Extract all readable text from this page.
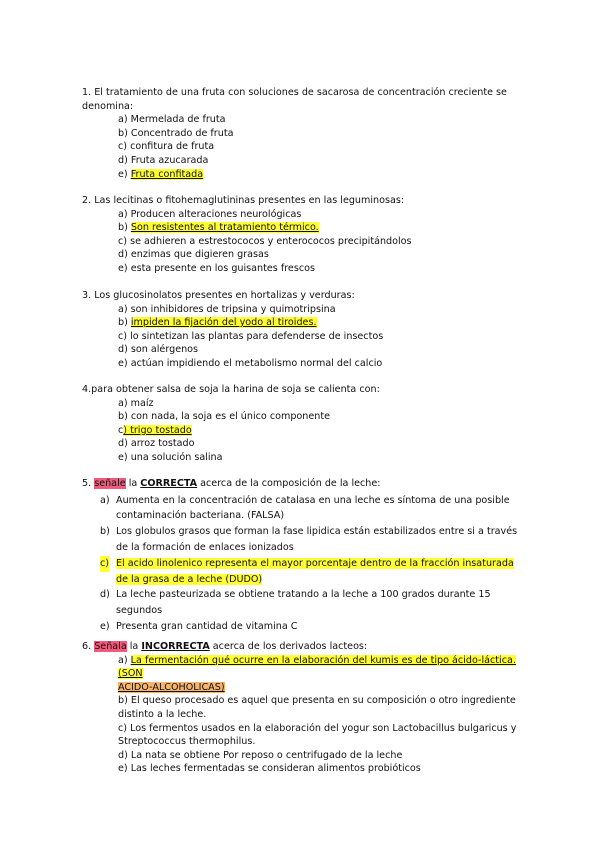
1. El tratamiento de una fruta con soluciones de sacarosa de concentración creciente se denomina:

a) Mermelada de fruta
b) Concentrado de fruta
c) confitura de fruta
d) Fruta azucarada
e) Fruta confitada

2. Las lecitinas o fitohemaglutininas presentes en las leguminosas:

a) Producen alteraciones neurológicas
b) Son resistentes al tratamiento térmico.
c) se adhieren a estrestococos y enterococos precipitándolos
d) enzimas que digieren grasas
e) esta presente en los guisantes frescos

3. Los glucosinolatos presentes en hortalizas y verduras:

a) son inhibidores de tripsina y quimotripsina
b) impiden la fijación del yodo al tiroides.
c) lo sintetizan las plantas para defenderse de insectos
d) son alérgenos
e) actúan impidiendo el metabolismo normal del calcio

4.para obtener salsa de soja la harina de soja se calienta con:

a) maíz
b) con nada, la soja es el único componente
c) trigo tostado
d) arroz tostado
e) una solución salina

5. señale la CORRECTA acerca de la composición de la leche:

a) Aumenta en la concentración de catalasa en una leche es síntoma de una posible contaminación bacteriana. (FALSA)
b) Los globulos grasos que forman la fase lipidica están estabilizados entre si a través de la formación de enlaces ionizados
c) El acido linolenico representa el mayor porcentaje dentro de la fracción insaturada de la grasa de a leche (DUDO)
d) La leche pasteurizada se obtiene tratando a la leche a 100 grados durante 15 segundos
e) Presenta gran cantidad de vitamina C

6. Señala la INCORRECTA acerca de los derivados lacteos:

a) La fermentación qué ocurre en la elaboración del kumis es de tipo ácido-láctica. (SON
ACIDO-ALCOHOLICAS)
b) El queso procesado es aquel que presenta en su composición o otro ingrediente distinto a la leche.
c) Los fermentos usados en la elaboración del yogur son Lactobacillus bulgaricus y Streptococcus thermophilus.
d) La nata se obtiene Por reposo o centrifugado de la leche
e) Las leches fermentadas se consideran alimentos probióticos
